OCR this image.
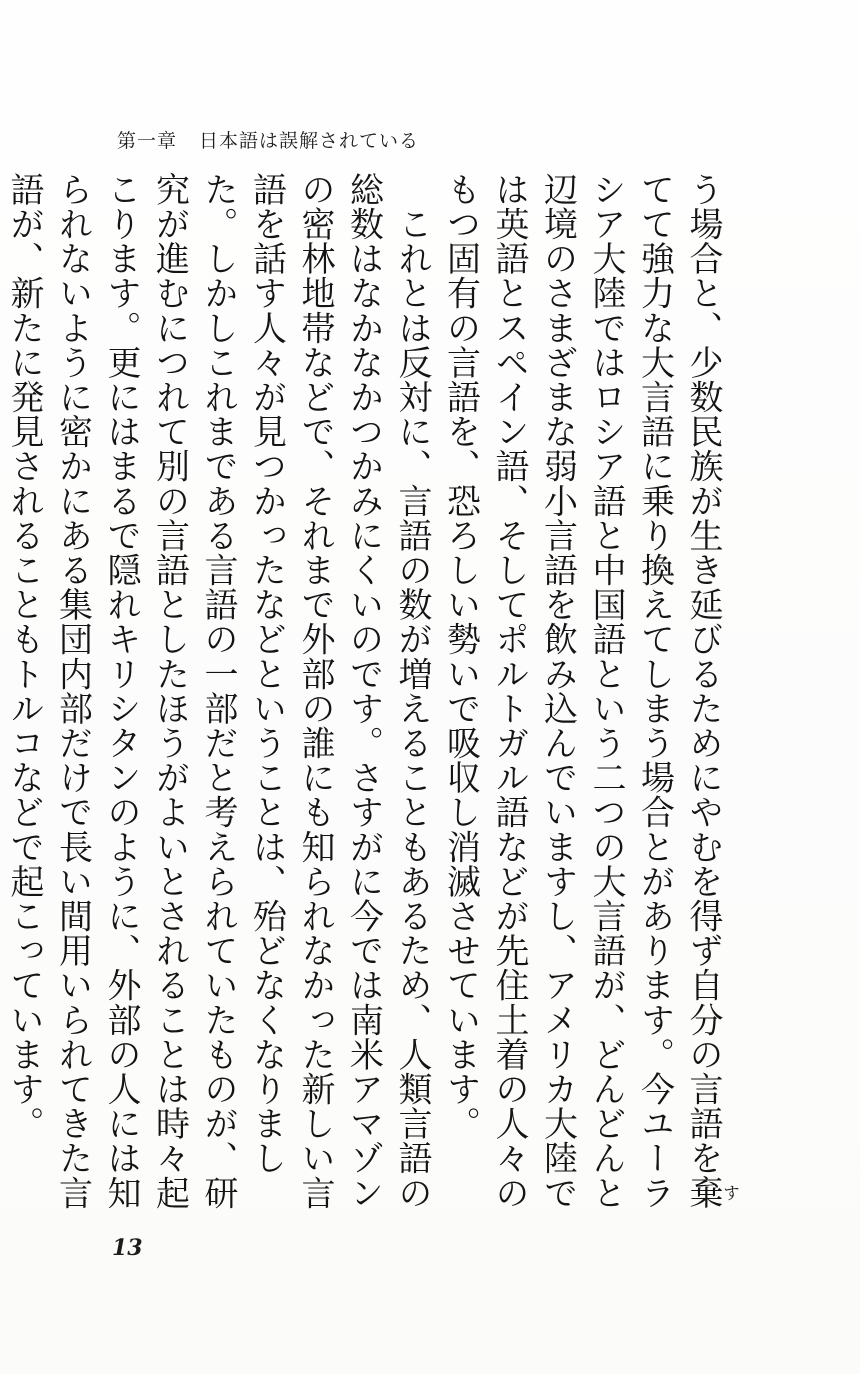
第一章 日本語は誤解されている

う場合と、少数民族が生き延びるためにやむを得ず自分の言語を棄すてて強力な大言語に乗り換えてしまう場合とがあります。今ユーラシア大陸ではロシア語と中国語という二つの大言語が、どんどんと辺境のさまざまな弱小言語を飲み込んでいますし、アメリカ大陸では英語とスペイン語、そしてポルトガル語などが先住土着の人々のもつ固有の言語を、恐ろしい勢いで吸収し消滅させています。

　これとは反対に、言語の数が増えることもあるため、人類言語の総数はなかなかつかみにくいのです。さすがに今では南米アマゾンの密林地帯などで、それまで外部の誰にも知られなかった新しい言語を話す人々が見つかったなどということは、殆どなくなりました。しかしこれまである言語の一部だと考えられていたものが、研究が進むにつれて別の言語としたほうがよいとされることは時々起こります。更にはまるで隠れキリシタンのように、外部の人には知られないように密かにある集団内部だけで長い間用いられてきた言語が、新たに発見されることもトルコなどで起こっています。

13
